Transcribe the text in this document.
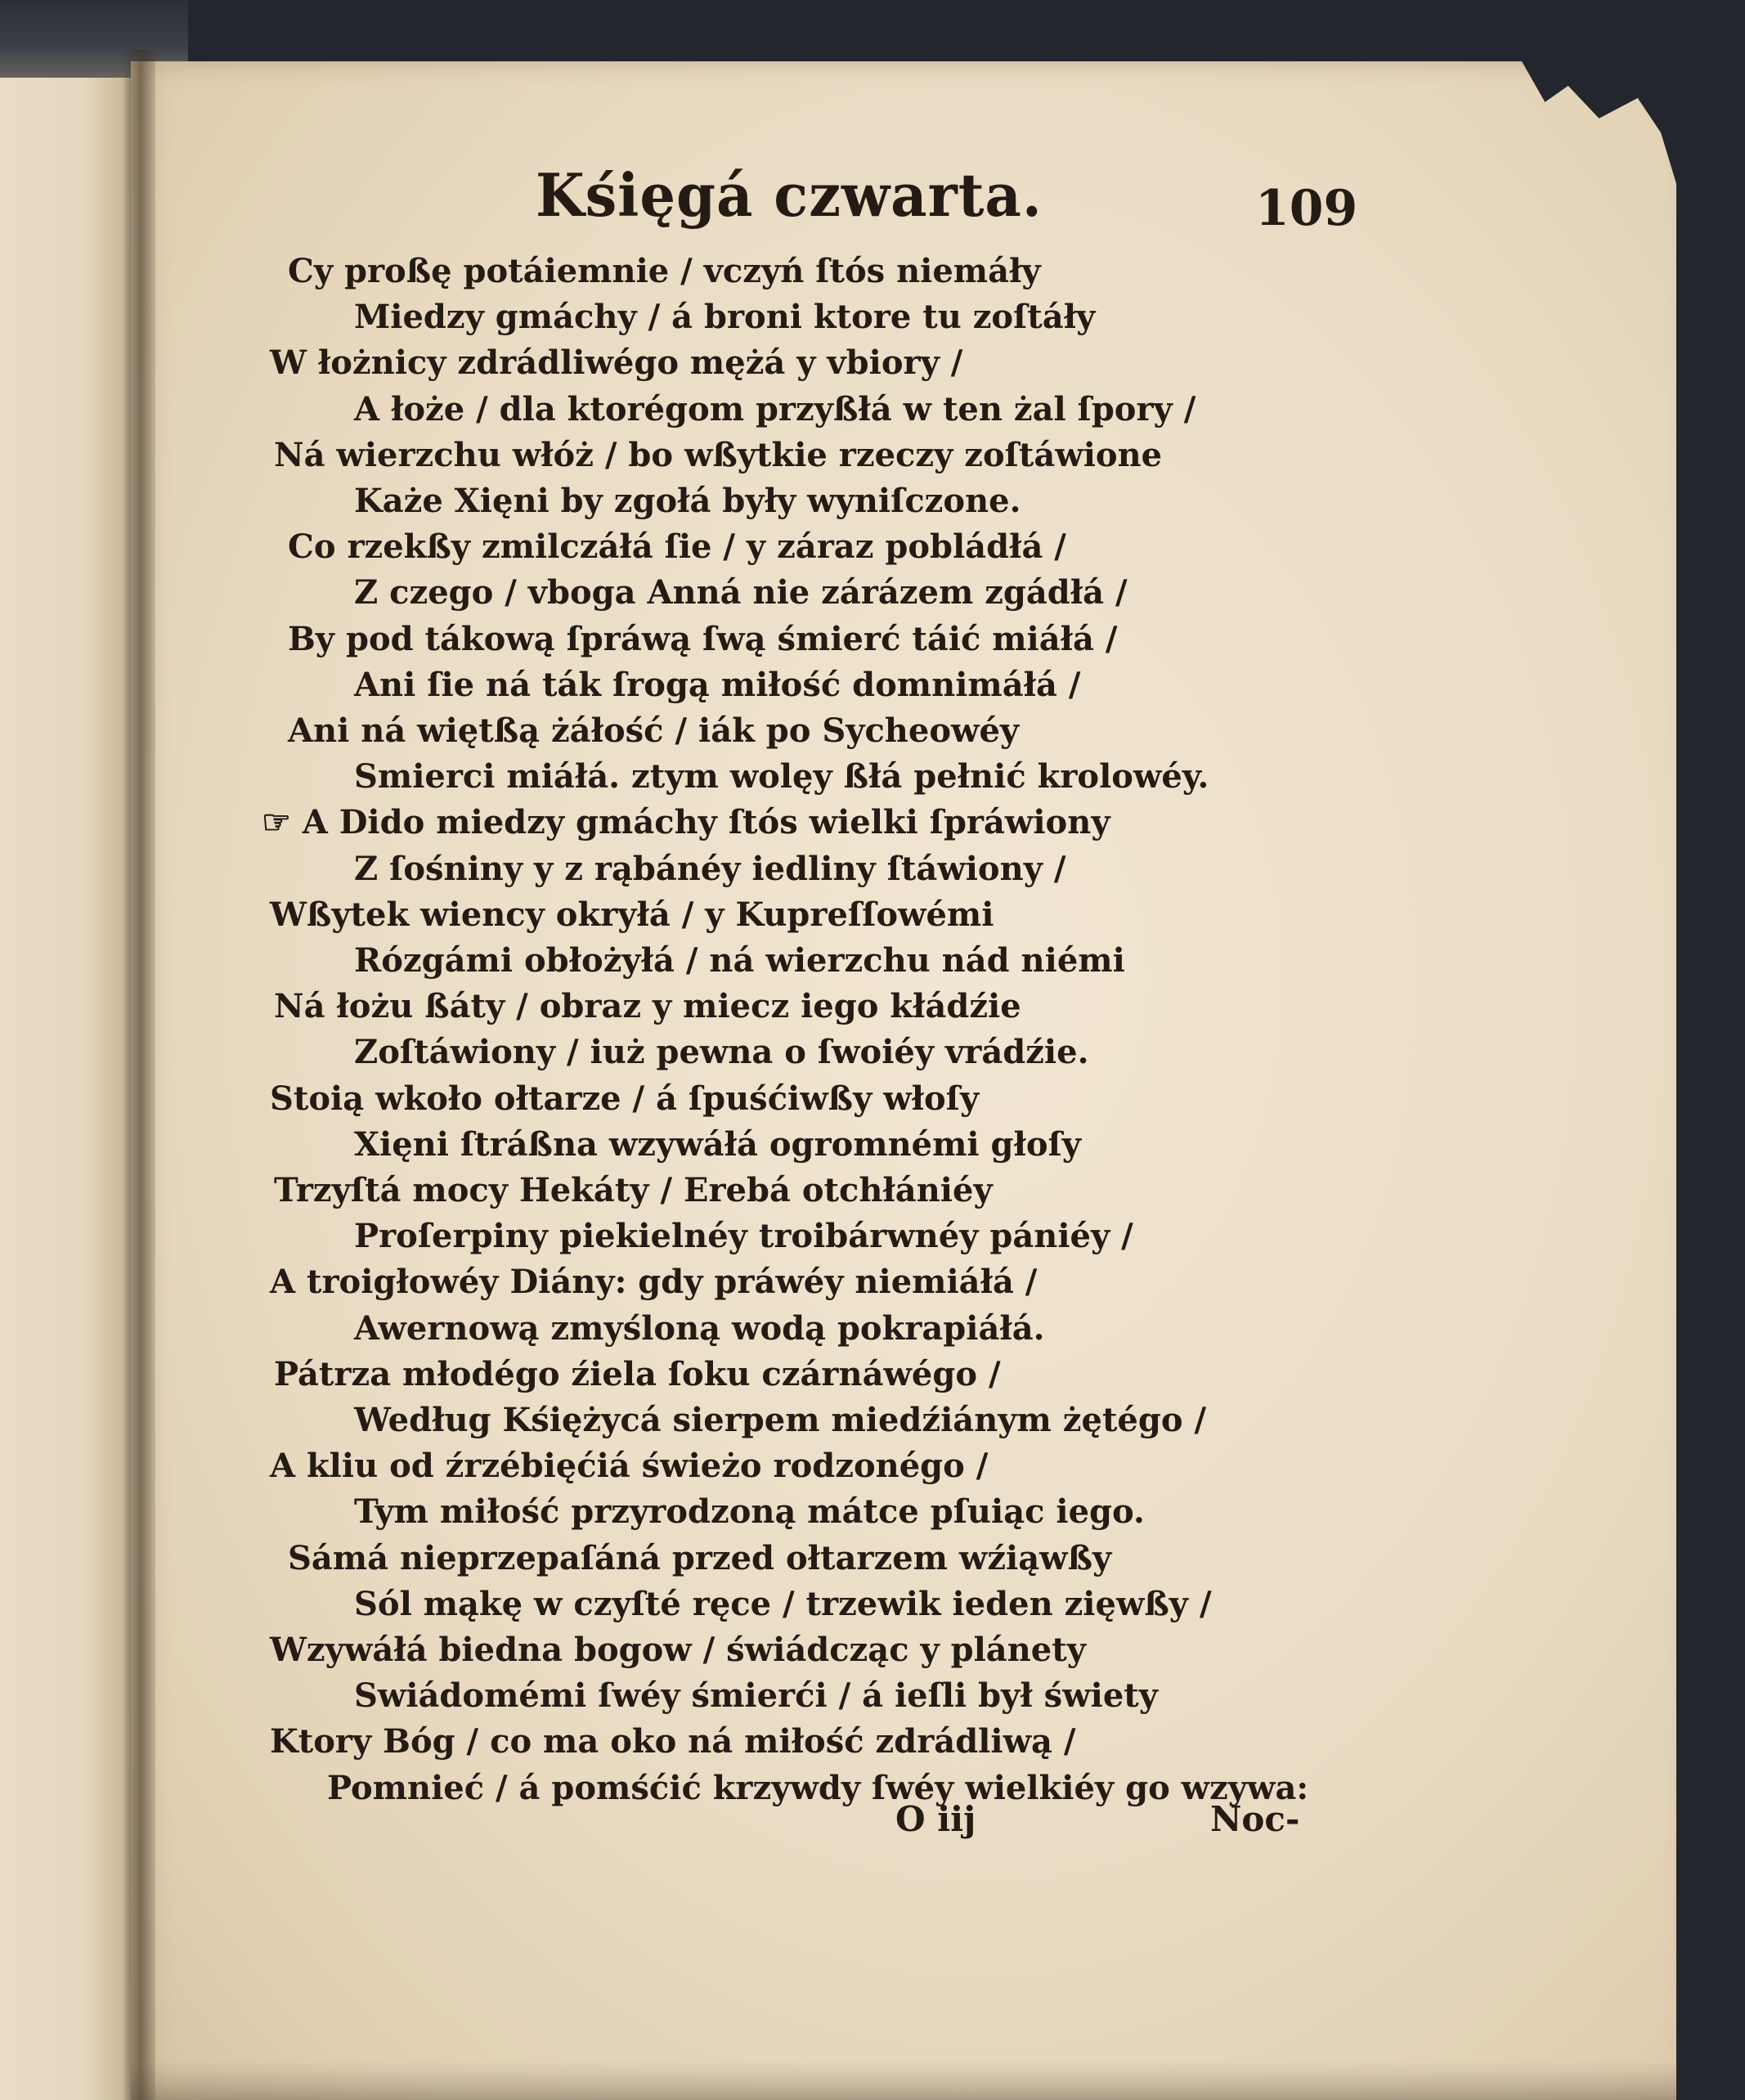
Kśięgá czwarta.	109
Cy proßę potáiemnie / vczyń ſtós niemáły
Miedzy gmáchy / á broni ktore tu zoſtáły
W łożnicy zdrádliwégo mężá y vbiory /
A łoże / dla ktorégom przyßłá w ten żal ſpory /
Ná wierzchu włóż / bo wßytkie rzeczy zoſtáwione
Każe Xięni by zgołá były wyniſczone.
Co rzekßy zmilczáłá ſie / y záraz pobládłá /
Z czego / vboga Anná nie zárázem zgádłá /
By pod tákową ſpráwą ſwą śmierć táić miáłá /
Ani ſie ná ták ſrogą miłość domnimáłá /
Ani ná więtßą żáłość / iák po Sycheowéy
Smierci miáłá. ztym wolęy ßłá pełnić krolowéy.
☞ A Dido miedzy gmáchy ſtós wielki ſpráwiony
Z ſośniny y z rąbánéy iedliny ſtáwiony /
Wßytek wiency okryłá / y Kupreſſowémi
Rózgámi obłożyłá / ná wierzchu nád niémi
Ná łożu ßáty / obraz y miecz iego kłádźie
Zoſtáwiony / iuż pewna o ſwoiéy vrádźie.
Stoią wkoło ołtarze / á ſpuśćiwßy włoſy
Xięni ſtráßna wzywáłá ogromnémi głoſy
Trzyſtá mocy Hekáty / Erebá otchłániéy
Proſerpiny piekielnéy troibárwnéy pániéy /
A troigłowéy Diány: gdy práwéy niemiáłá /
Awernową zmyśloną wodą pokrapiáłá.
Pátrza młodégo źiela ſoku czárnáwégo /
Według Kśiężycá sierpem miedźiánym żętégo /
A kliu od źrzébięćiá świeżo rodzonégo /
Tym miłość przyrodzoną mátce pſuiąc iego.
Sámá nieprzepaſáná przed ołtarzem wźiąwßy
Sól mąkę w czyſté ręce / trzewik ieden zięwßy /
Wzywáłá biedna bogow / świádcząc y plánety
Swiádomémi ſwéy śmierći / á ieſli był świety
Ktory Bóg / co ma oko ná miłość zdrádliwą /
Pomnieć / á pomśćić krzywdy ſwéy wielkiéy go wzywa:
O iij	Noc-
